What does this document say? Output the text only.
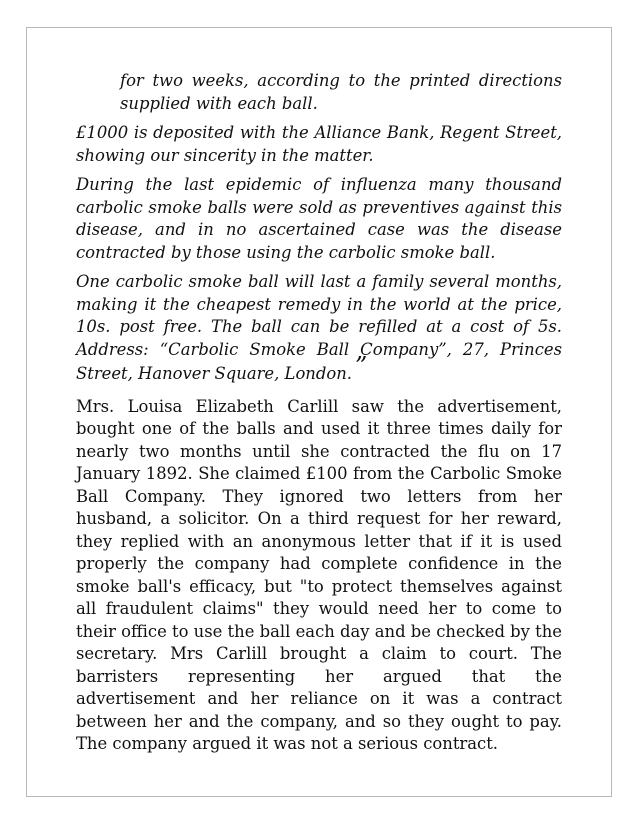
for two weeks, according to the printed directions supplied with each ball.

£1000 is deposited with the Alliance Bank, Regent Street, showing our sincerity in the matter.

During the last epidemic of influenza many thousand carbolic smoke balls were sold as preventives against this disease, and in no ascertained case was the disease contracted by those using the carbolic smoke ball.

One carbolic smoke ball will last a family several months, making it the cheapest remedy in the world at the price, 10s. post free. The ball can be refilled at a cost of 5s. Address: “Carbolic Smoke Ball Company”, 27, Princes Street, Hanover Square, London. ”

Mrs. Louisa Elizabeth Carlill saw the advertisement, bought one of the balls and used it three times daily for nearly two months until she contracted the flu on 17 January 1892. She claimed £100 from the Carbolic Smoke Ball Company. They ignored two letters from her husband, a solicitor. On a third request for her reward, they replied with an anonymous letter that if it is used properly the company had complete confidence in the smoke ball's efficacy, but "to protect themselves against all fraudulent claims" they would need her to come to their office to use the ball each day and be checked by the secretary. Mrs Carlill brought a claim to court. The barristers representing her argued that the advertisement and her reliance on it was a contract between her and the company, and so they ought to pay. The company argued it was not a serious contract.
